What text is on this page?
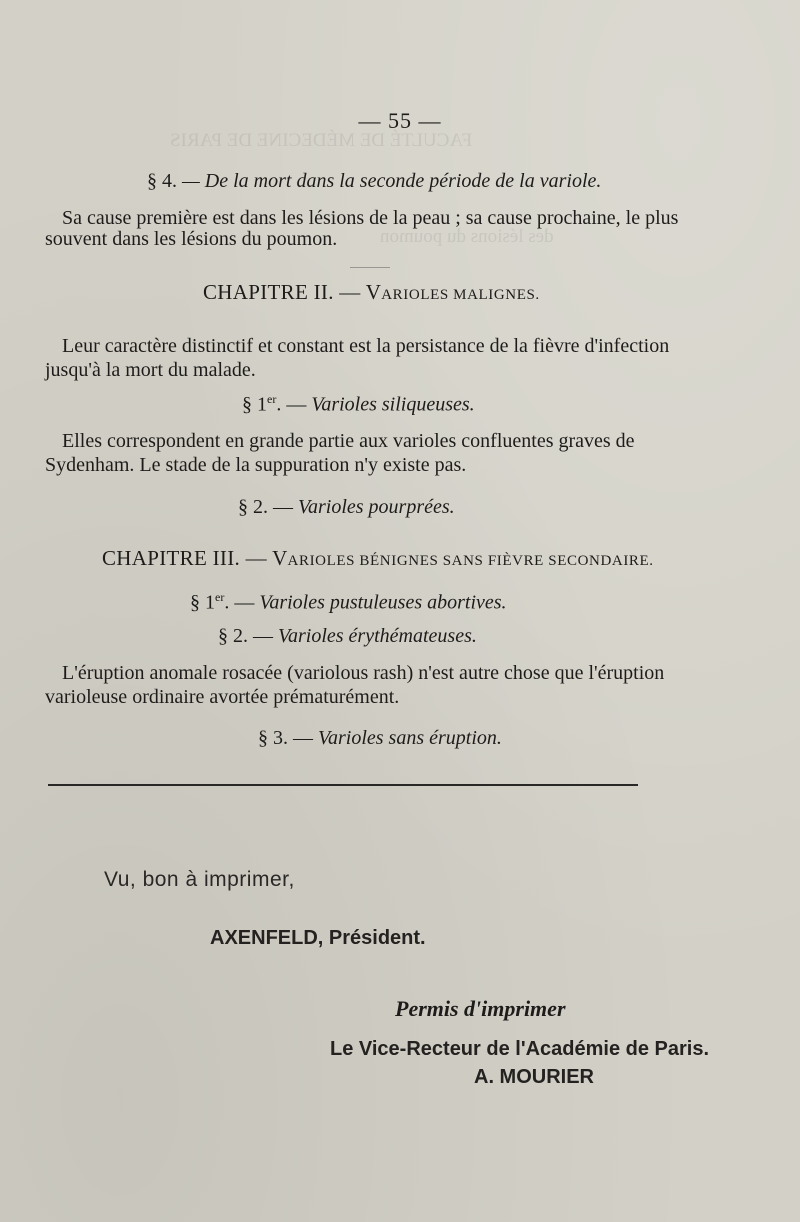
FACULTÉ DE MÉDECINE DE PARIS
des lésions du poumon
— 55 —
§ 4. — De la mort dans la seconde période de la variole.
Sa cause première est dans les lésions de la peau ; sa cause prochaine, le plus
souvent dans les lésions du poumon.
CHAPITRE II. — VARIOLES MALIGNES.
Leur caractère distinctif et constant est la persistance de la fièvre d'infection
jusqu'à la mort du malade.
§ 1er. — Varioles siliqueuses.
Elles correspondent en grande partie aux varioles confluentes graves de
Sydenham. Le stade de la suppuration n'y existe pas.
§ 2. — Varioles pourprées.
CHAPITRE III. — VARIOLES BÉNIGNES SANS FIÈVRE SECONDAIRE.
§ 1er. — Varioles pustuleuses abortives.
§ 2. — Varioles érythémateuses.
L'éruption anomale rosacée (variolous rash) n'est autre chose que l'éruption
varioleuse ordinaire avortée prématurément.
§ 3. — Varioles sans éruption.
Vu, bon à imprimer,
AXENFELD, Président.
Permis d'imprimer
Le Vice-Recteur de l'Académie de Paris.
A. MOURIER
